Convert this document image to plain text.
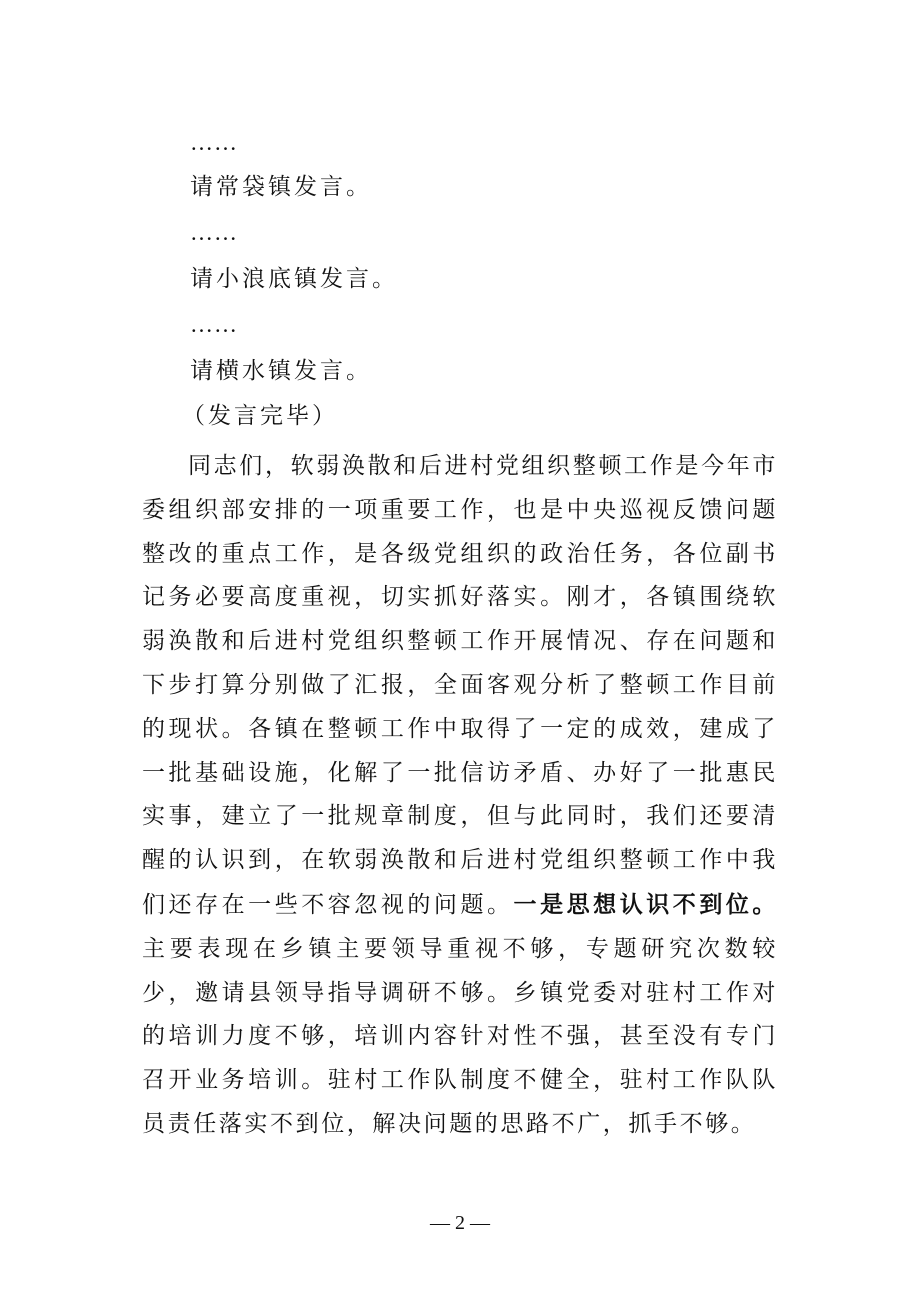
……
请常袋镇发言。
……
请小浪底镇发言。
……
请横水镇发言。
（发言完毕）

同志们，软弱涣散和后进村党组织整顿工作是今年市委组织部安排的一项重要工作，也是中央巡视反馈问题整改的重点工作，是各级党组织的政治任务，各位副书记务必要高度重视，切实抓好落实。刚才，各镇围绕软弱涣散和后进村党组织整顿工作开展情况、存在问题和下步打算分别做了汇报，全面客观分析了整顿工作目前的现状。各镇在整顿工作中取得了一定的成效，建成了一批基础设施，化解了一批信访矛盾、办好了一批惠民实事，建立了一批规章制度，但与此同时，我们还要清醒的认识到，在软弱涣散和后进村党组织整顿工作中我们还存在一些不容忽视的问题。一是思想认识不到位。主要表现在乡镇主要领导重视不够，专题研究次数较少，邀请县领导指导调研不够。乡镇党委对驻村工作对的培训力度不够，培训内容针对性不强，甚至没有专门召开业务培训。驻村工作队制度不健全，驻村工作队队员责任落实不到位，解决问题的思路不广，抓手不够。

— 2 —
